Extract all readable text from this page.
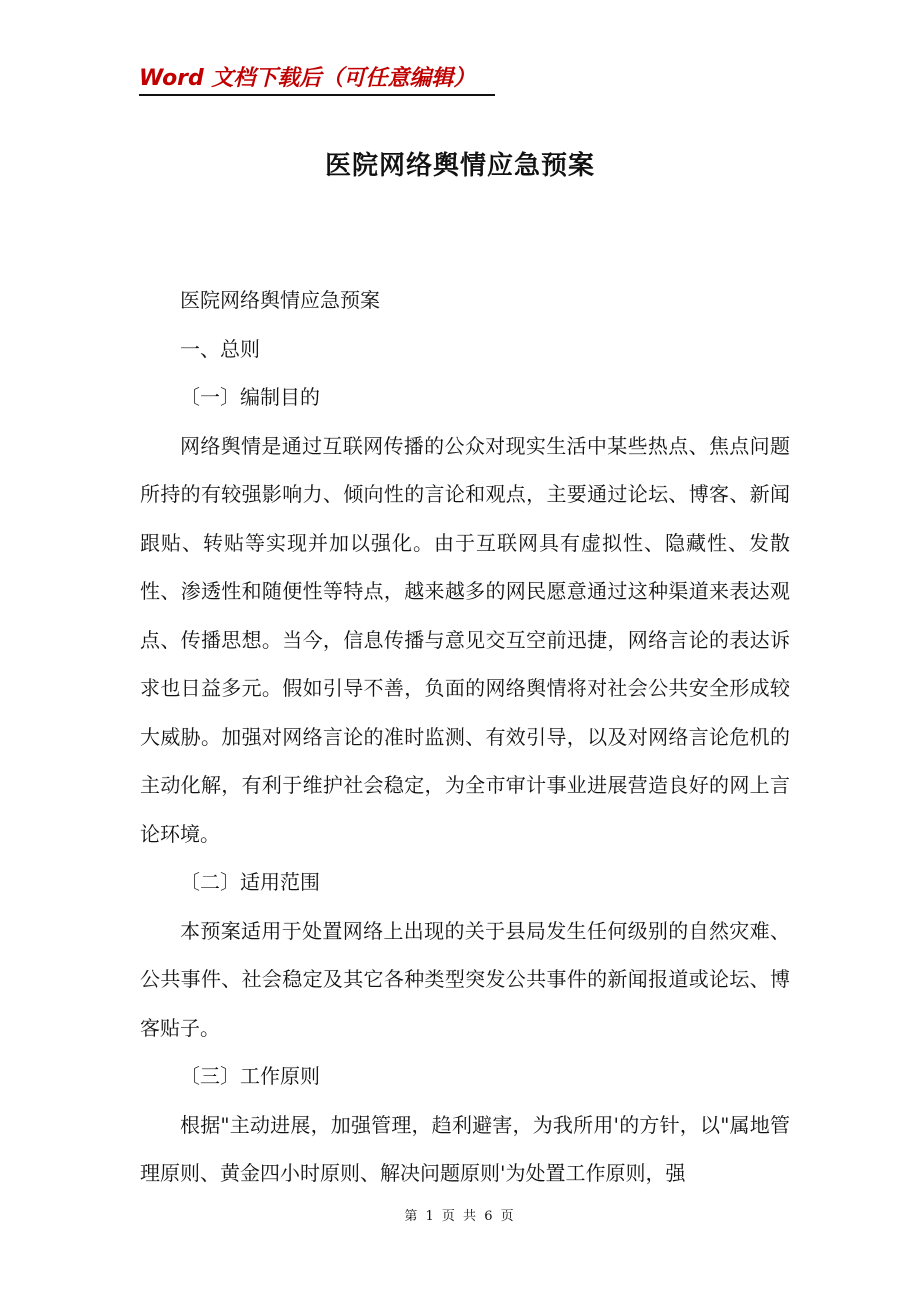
Word 文档下载后（可任意编辑）
医院网络舆情应急预案

医院网络舆情应急预案

一、总则

〔一〕编制目的

网络舆情是通过互联网传播的公众对现实生活中某些热点、焦点问题所持的有较强影响力、倾向性的言论和观点，主要通过论坛、博客、新闻跟贴、转贴等实现并加以强化。由于互联网具有虚拟性、隐藏性、发散性、渗透性和随便性等特点，越来越多的网民愿意通过这种渠道来表达观点、传播思想。当今，信息传播与意见交互空前迅捷，网络言论的表达诉求也日益多元。假如引导不善，负面的网络舆情将对社会公共安全形成较大威胁。加强对网络言论的准时监测、有效引导，以及对网络言论危机的主动化解，有利于维护社会稳定，为全市审计事业进展营造良好的网上言论环境。

〔二〕适用范围

本预案适用于处置网络上出现的关于县局发生任何级别的自然灾难、公共事件、社会稳定及其它各种类型突发公共事件的新闻报道或论坛、博客贴子。

〔三〕工作原则

根据"主动进展，加强管理，趋利避害，为我所用'的方针，以"属地管理原则、黄金四小时原则、解决问题原则'为处置工作原则，强

第 1 页 共 6 页
